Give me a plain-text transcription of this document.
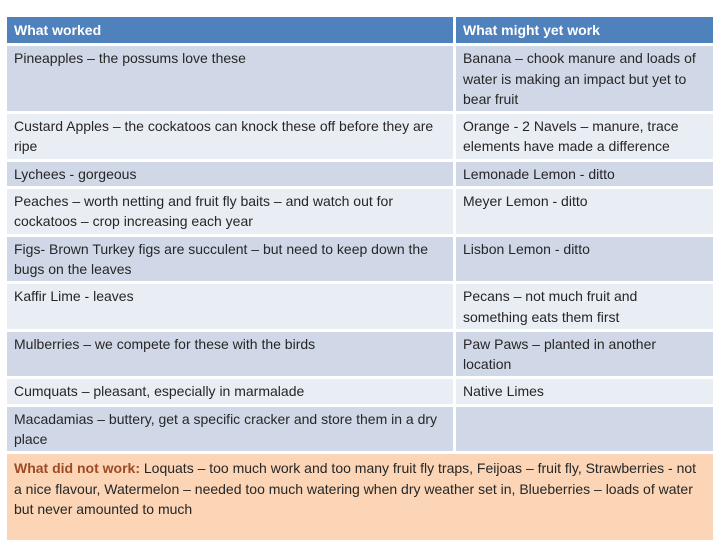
What worked	What might yet work
Pineapples – the possums love these	Banana – chook manure and loads of water is making an impact but yet to bear fruit
Custard Apples – the cockatoos can knock these off before they are ripe	Orange - 2 Navels – manure, trace elements have made a difference
Lychees - gorgeous	Lemonade Lemon - ditto
Peaches – worth netting and fruit fly baits – and watch out for cockatoos – crop increasing each year	Meyer Lemon - ditto
Figs- Brown Turkey figs are succulent – but need to keep down the bugs on the leaves	Lisbon Lemon - ditto
Kaffir Lime - leaves	Pecans – not much fruit and something eats them first
Mulberries – we compete for these with the birds	Paw Paws – planted in another location
Cumquats – pleasant, especially in marmalade	Native Limes
Macadamias – buttery, get a specific cracker and store them in a dry place	
What did not work: Loquats – too much work and too many fruit fly traps, Feijoas – fruit fly, Strawberries - not a nice flavour, Watermelon – needed too much watering when dry weather set in, Blueberries – loads of water but never amounted to much	
